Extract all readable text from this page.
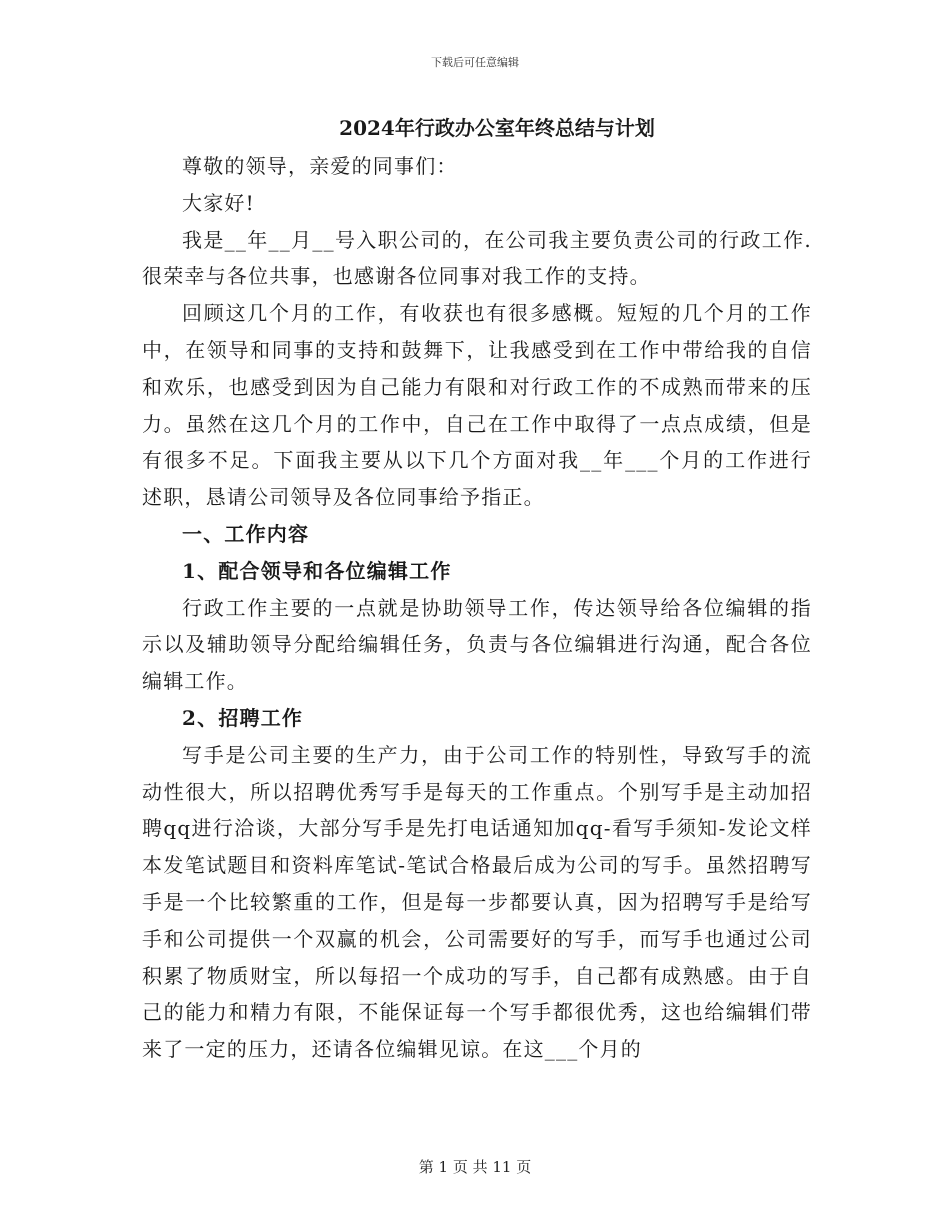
下载后可任意编辑
2024年行政办公室年终总结与计划

尊敬的领导，亲爱的同事们：

大家好!

我是__年__月__号入职公司的，在公司我主要负责公司的行政工作.很荣幸与各位共事，也感谢各位同事对我工作的支持。

回顾这几个月的工作，有收获也有很多感概。短短的几个月的工作中，在领导和同事的支持和鼓舞下，让我感受到在工作中带给我的自信和欢乐，也感受到因为自己能力有限和对行政工作的不成熟而带来的压力。虽然在这几个月的工作中，自己在工作中取得了一点点成绩，但是有很多不足。下面我主要从以下几个方面对我__年___个月的工作进行述职，恳请公司领导及各位同事给予指正。

一、工作内容

1、配合领导和各位编辑工作

行政工作主要的一点就是协助领导工作，传达领导给各位编辑的指示以及辅助领导分配给编辑任务，负责与各位编辑进行沟通，配合各位编辑工作。

2、招聘工作

写手是公司主要的生产力，由于公司工作的特别性，导致写手的流动性很大，所以招聘优秀写手是每天的工作重点。个别写手是主动加招聘qq进行洽谈，大部分写手是先打电话通知加qq-看写手须知-发论文样本发笔试题目和资料库笔试-笔试合格最后成为公司的写手。虽然招聘写手是一个比较繁重的工作，但是每一步都要认真，因为招聘写手是给写手和公司提供一个双赢的机会，公司需要好的写手，而写手也通过公司积累了物质财宝，所以每招一个成功的写手，自己都有成熟感。由于自己的能力和精力有限，不能保证每一个写手都很优秀，这也给编辑们带来了一定的压力，还请各位编辑见谅。在这___个月的

第 1 页 共 11 页
